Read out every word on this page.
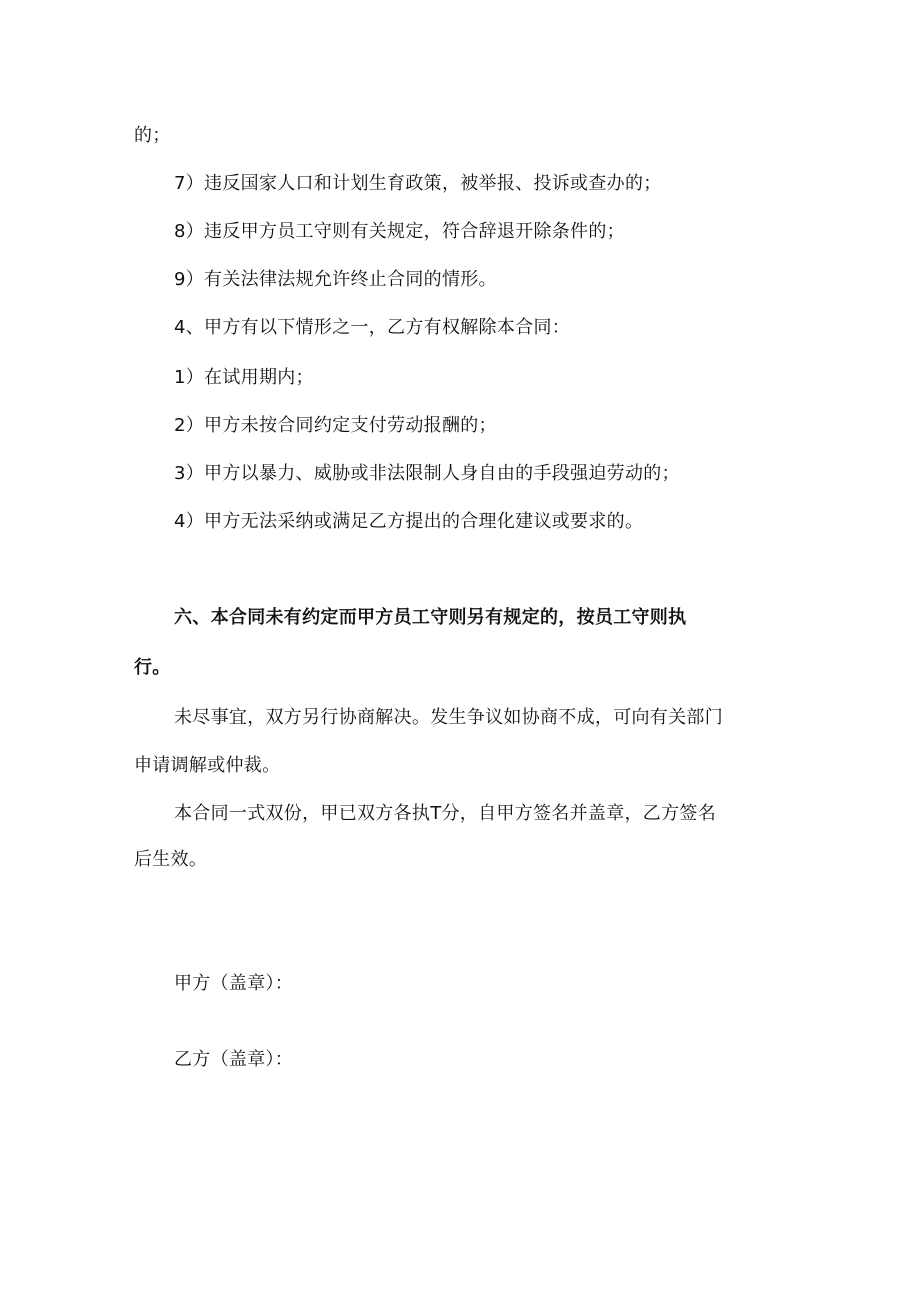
的；
7）违反国家人口和计划生育政策，被举报、投诉或查办的；
8）违反甲方员工守则有关规定，符合辞退开除条件的；
9）有关法律法规允许终止合同的情形。
4、甲方有以下情形之一，乙方有权解除本合同：
1）在试用期内；
2）甲方未按合同约定支付劳动报酬的；
3）甲方以暴力、威胁或非法限制人身自由的手段强迫劳动的；
4）甲方无法采纳或满足乙方提出的合理化建议或要求的。
六、本合同未有约定而甲方员工守则另有规定的，按员工守则执
行。
未尽事宜，双方另行协商解决。发生争议如协商不成，可向有关部门
申请调解或仲裁。
本合同一式双份，甲已双方各执T分，自甲方签名并盖章，乙方签名
后生效。
甲方（盖章）：
乙方（盖章）：
